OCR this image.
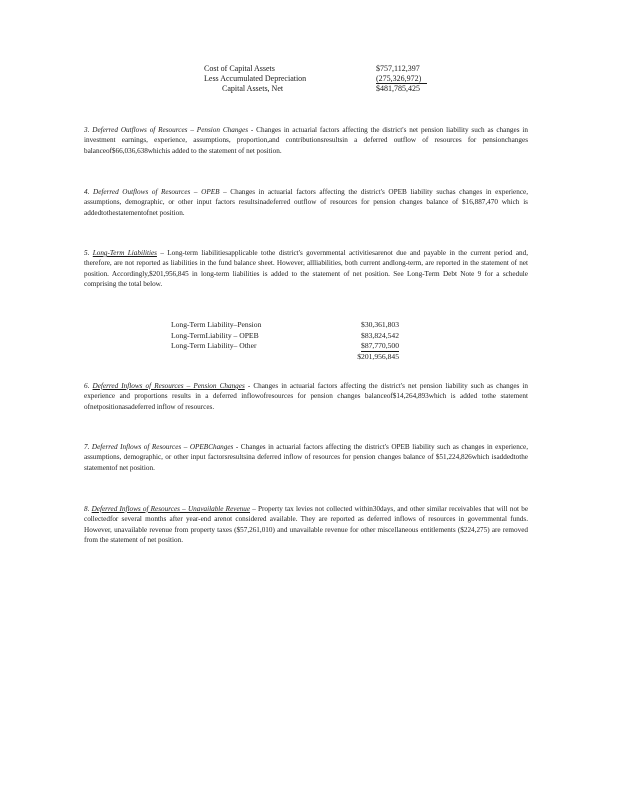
Cost of Capital Assets	$757,112,397
Less Accumulated Depreciation	(275,326,972)
Capital Assets, Net	$481,785,425
3. Deferred Outflows of Resources – Pension Changes - Changes in actuarial factors affecting the district's net pension liability such as changes in investment earnings, experience, assumptions, proportion,and contributionsresultsin a deferred outflow of resources for pensionchanges balanceof$66,036,638whichis added to the statement of net position.
4. Deferred Outflows of Resources – OPEB – Changes in actuarial factors affecting the district's OPEB liability suchas changes in experience, assumptions, demographic, or other input factors resultsinadeferred outflow of resources for pension changes balance of $16,887,470 which is addedtothestatementofnet position.
5. Long-Term Liabilities – Long-term liabilitiesapplicable tothe district's governmental activitiesarenot due and payable in the current period and, therefore, are not reported as liabilities in the fund balance sheet. However, allliabilities, both current andlong-term, are reported in the statement of net position. Accordingly,$201,956,845 in long-term liabilities is added to the statement of net position. See Long-Term Debt Note 9 for a schedule comprising the total below.
Long-Term Liability–Pension	$30,361,803
Long-TermLiability – OPEB	$83,824,542
Long-Term Liability– Other	$87,770,500
$201,956,845
6. Deferred Inflows of Resources – Pension Changes - Changes in actuarial factors affecting the district's net pension liability such as changes in experience and proportions results in a deferred inflowofresources for pension changes balanceof$14,264,893which is added tothe statement ofnetpositionasadeferred inflow of resources.
7. Deferred Inflows of Resources – OPEBChanges - Changes in actuarial factors affecting the district's OPEB liability such as changes in experience, assumptions, demographic, or other input factorsresultsina deferred inflow of resources for pension changes balance of $51,224,826which isaddedtothe statementof net position.
8. Deferred Inflows of Resources – Unavailable Revenue – Property tax levies not collected within30days, and other similar receivables that will not be collectedfor several months after year-end arenot considered available. They are reported as deferred inflows of resources in governmental funds. However, unavailable revenue from property taxes ($57,261,010) and unavailable revenue for other miscellaneous entitlements ($224,275) are removed from the statement of net position.
